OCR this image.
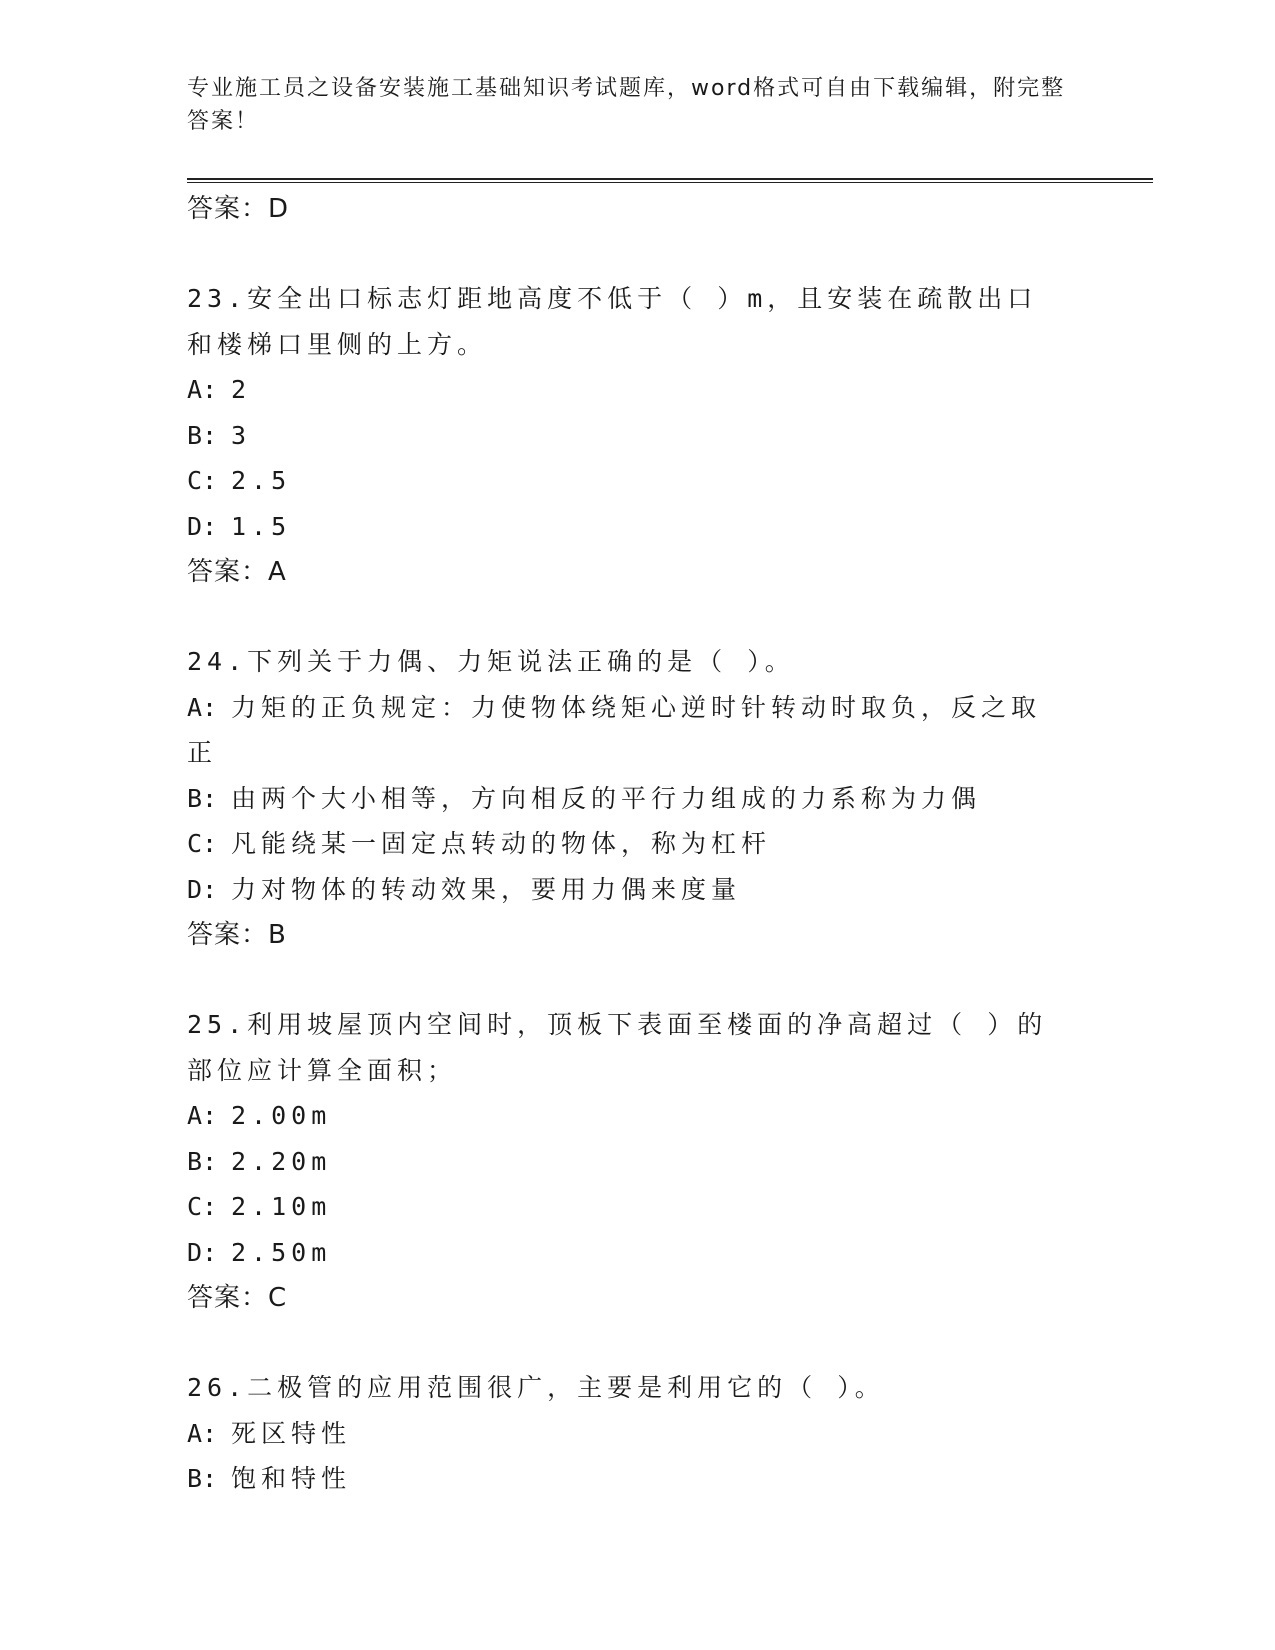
专业施工员之设备安装施工基础知识考试题库，word格式可自由下载编辑，附完整答案！
答案：D
23.安全出口标志灯距地高度不低于（ ）m，且安装在疏散出口和楼梯口里侧的上方。
A: 2
B: 3
C: 2.5
D: 1.5
答案：A
24.下列关于力偶、力矩说法正确的是（ ）。
A: 力矩的正负规定：力使物体绕矩心逆时针转动时取负，反之取正
B: 由两个大小相等，方向相反的平行力组成的力系称为力偶
C: 凡能绕某一固定点转动的物体，称为杠杆
D: 力对物体的转动效果，要用力偶来度量
答案：B
25.利用坡屋顶内空间时，顶板下表面至楼面的净高超过（ ）的部位应计算全面积；
A: 2.00m
B: 2.20m
C: 2.10m
D: 2.50m
答案：C
26.二极管的应用范围很广，主要是利用它的（ ）。
A: 死区特性
B: 饱和特性
